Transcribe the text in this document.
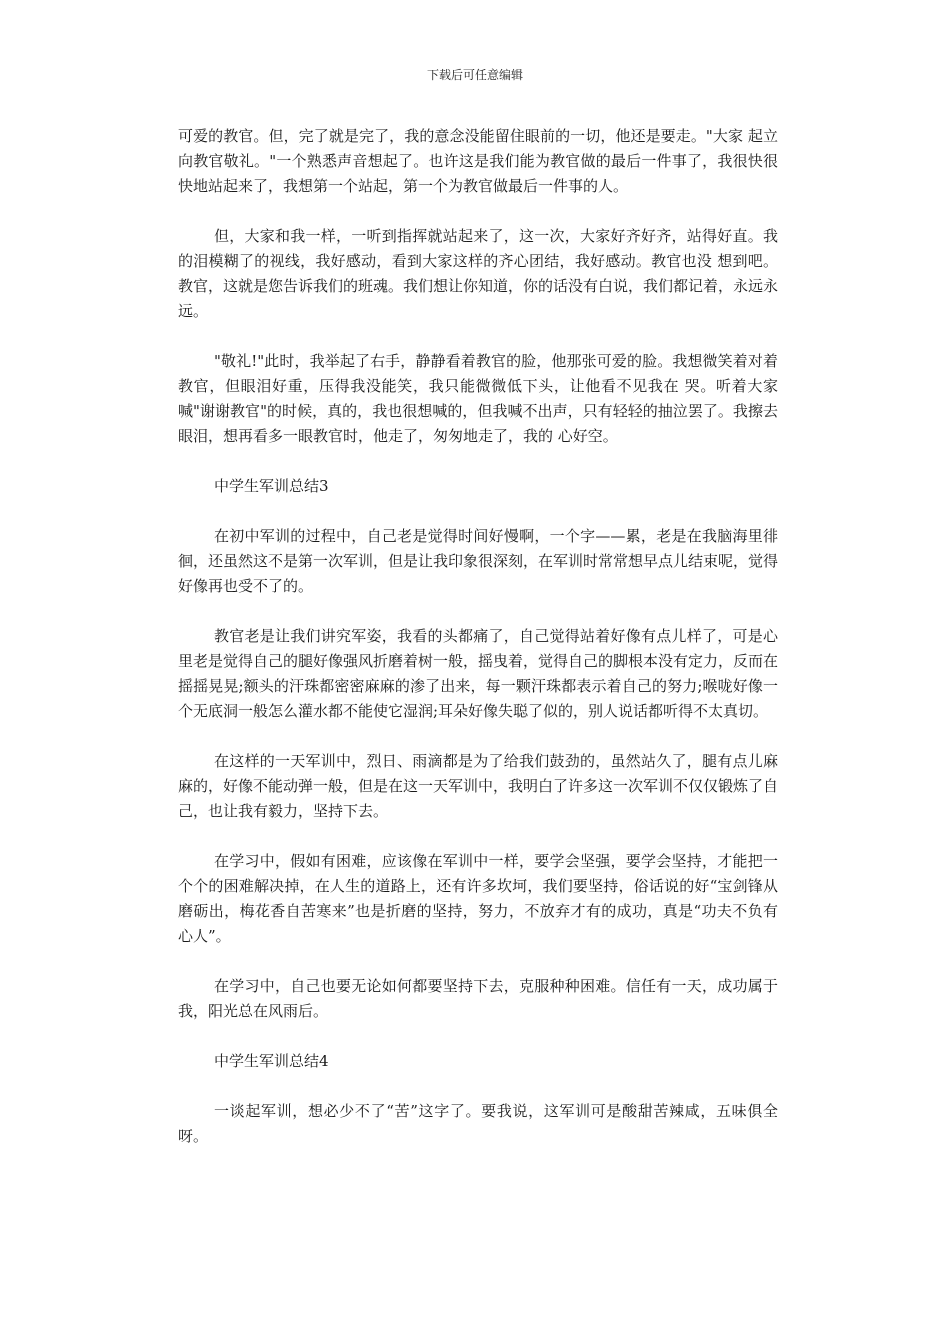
下载后可任意编辑

可爱的教官。但，完了就是完了，我的意念没能留住眼前的一切，他还是要走。"大家 起立向教官敬礼。"一个熟悉声音想起了。也许这是我们能为教官做的最后一件事了，我很快很快地站起来了，我想第一个站起，第一个为教官做最后一件事的人。

但，大家和我一样，一听到指挥就站起来了，这一次，大家好齐好齐，站得好直。我的泪模糊了的视线，我好感动，看到大家这样的齐心团结，我好感动。教官也没 想到吧。教官，这就是您告诉我们的班魂。我们想让你知道，你的话没有白说，我们都记着，永远永远。

"敬礼!"此时，我举起了右手，静静看着教官的脸，他那张可爱的脸。我想微笑着对着教官，但眼泪好重，压得我没能笑，我只能微微低下头，让他看不见我在 哭。听着大家喊"谢谢教官"的时候，真的，我也很想喊的，但我喊不出声，只有轻轻的抽泣罢了。我擦去眼泪，想再看多一眼教官时，他走了，匆匆地走了，我的 心好空。

中学生军训总结3

在初中军训的过程中，自己老是觉得时间好慢啊，一个字——累，老是在我脑海里徘徊，还虽然这不是第一次军训，但是让我印象很深刻，在军训时常常想早点儿结束呢，觉得好像再也受不了的。

教官老是让我们讲究军姿，我看的头都痛了，自己觉得站着好像有点儿样了，可是心里老是觉得自己的腿好像强风折磨着树一般，摇曳着，觉得自己的脚根本没有定力，反而在摇摇晃晃;额头的汗珠都密密麻麻的渗了出来，每一颗汗珠都表示着自己的努力;喉咙好像一个无底洞一般怎么灌水都不能使它湿润;耳朵好像失聪了似的，别人说话都听得不太真切。

在这样的一天军训中，烈日、雨滴都是为了给我们鼓劲的，虽然站久了，腿有点儿麻麻的，好像不能动弹一般，但是在这一天军训中，我明白了许多这一次军训不仅仅锻炼了自己，也让我有毅力，坚持下去。

在学习中，假如有困难，应该像在军训中一样，要学会坚强，要学会坚持，才能把一个个的困难解决掉，在人生的道路上，还有许多坎坷，我们要坚持，俗话说的好“宝剑锋从磨砺出，梅花香自苦寒来”也是折磨的坚持，努力，不放弃才有的成功，真是“功夫不负有心人”。

在学习中，自己也要无论如何都要坚持下去，克服种种困难。信任有一天，成功属于我，阳光总在风雨后。

中学生军训总结4

一谈起军训，想必少不了“苦”这字了。要我说，这军训可是酸甜苦辣咸，五味俱全呀。
